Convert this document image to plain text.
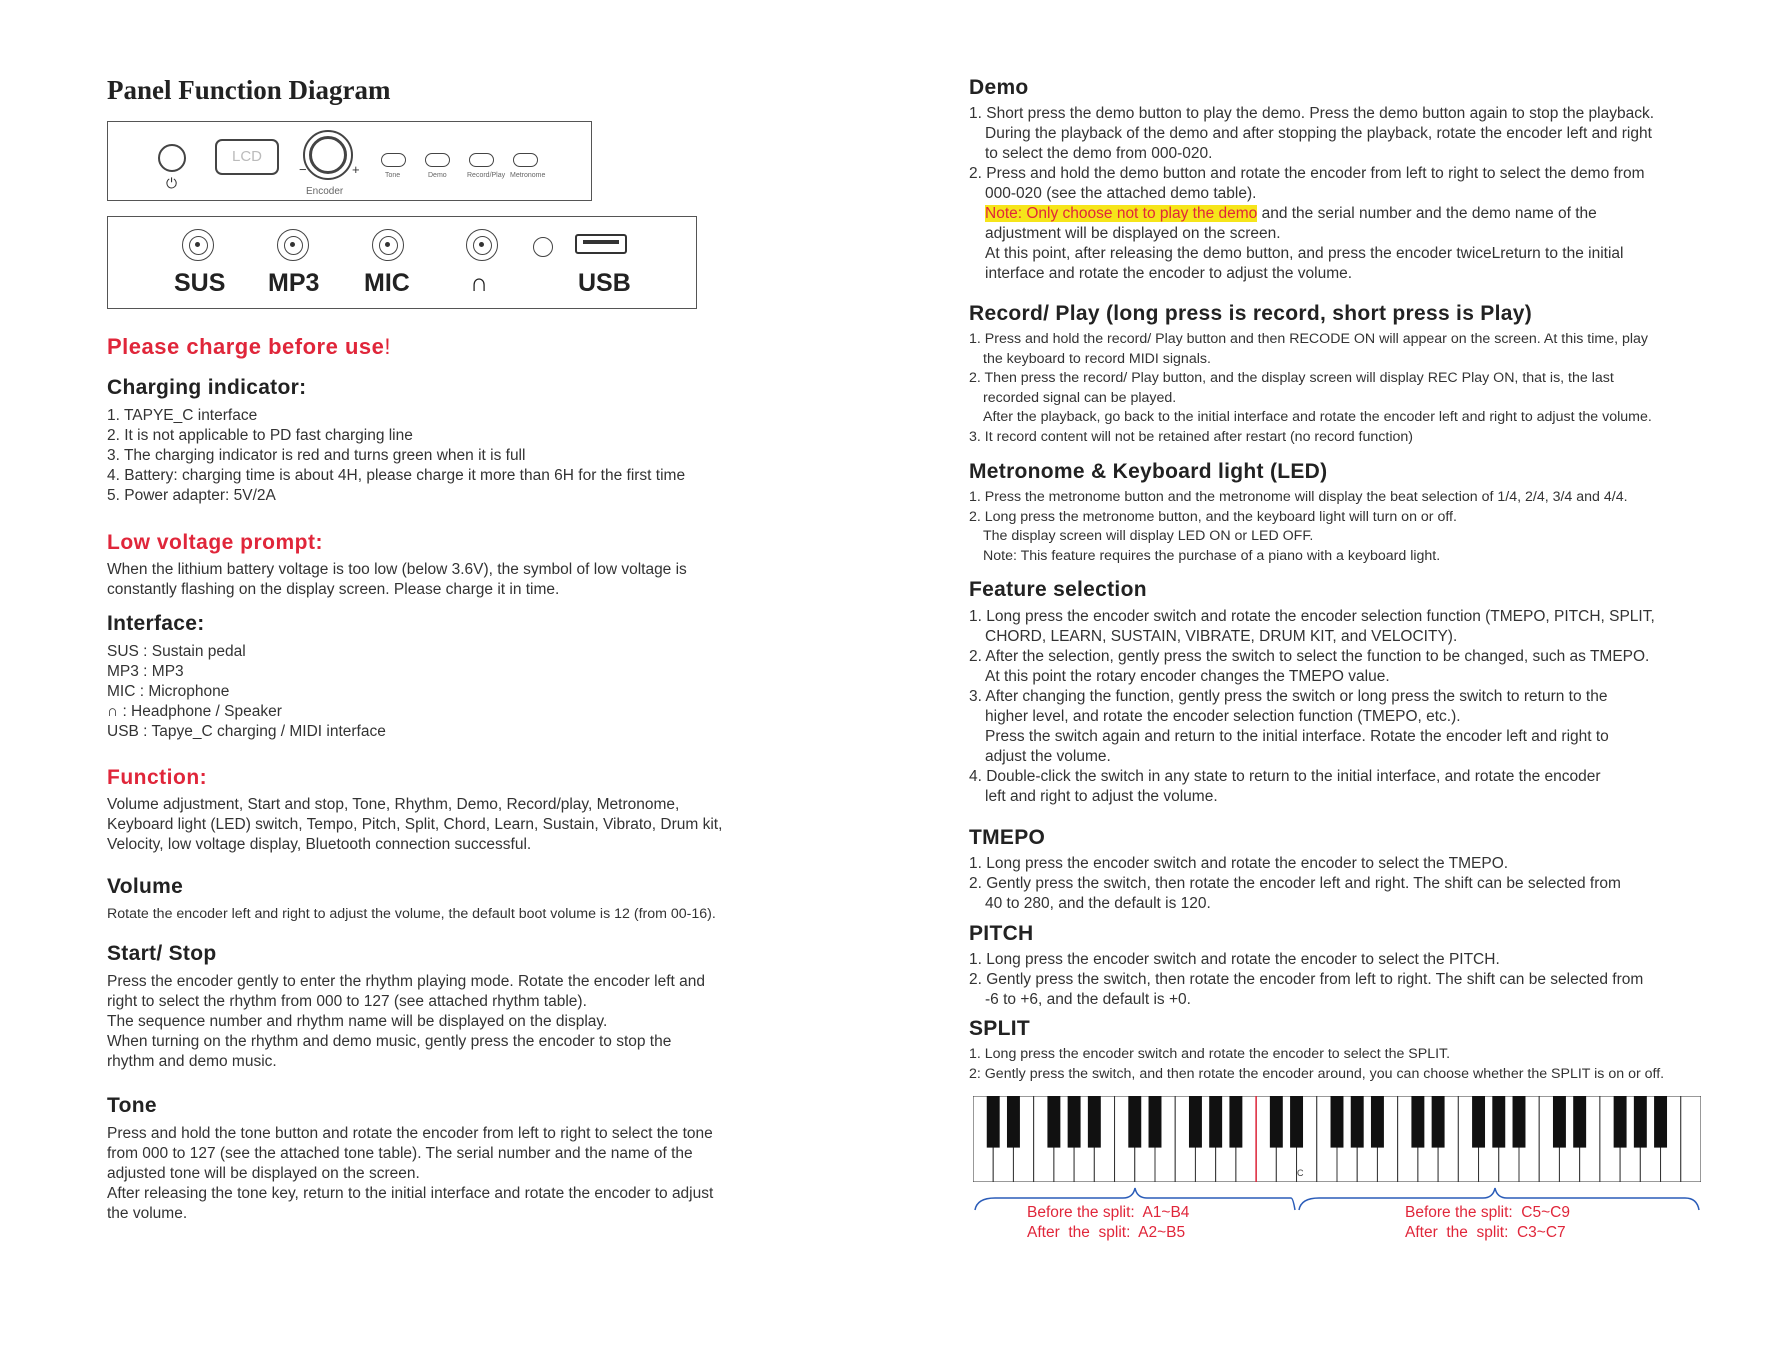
Panel Function Diagram
⏻
LCD
−	+
Encoder
Tone	Demo	Record/Play Metronome
SUS MP3 MIC ∩	USB
Please charge before use!
Charging indicator:
1. TAPYE_C interface
2. It is not applicable to PD fast charging line
3. The charging indicator is red and turns green when it is full
4. Battery: charging time is about 4H, please charge it more than 6H for the first time
5. Power adapter: 5V/2A
Low voltage prompt:
When the lithium battery voltage is too low (below 3.6V), the symbol of low voltage is
constantly flashing on the display screen. Please charge it in time.
Interface:
SUS : Sustain pedal
MP3 : MP3
MIC : Microphone
∩ : Headphone / Speaker
USB : Tapye_C charging / MIDI interface
Function:
Volume adjustment, Start and stop, Tone, Rhythm, Demo, Record/play, Metronome,
Keyboard light (LED) switch, Tempo, Pitch, Split, Chord, Learn, Sustain, Vibrato, Drum kit,
Velocity, low voltage display, Bluetooth connection successful.
Volume
Rotate the encoder left and right to adjust the volume, the default boot volume is 12 (from 00-16).
Start/ Stop
Press the encoder gently to enter the rhythm playing mode. Rotate the encoder left and
right to select the rhythm from 000 to 127 (see attached rhythm table).
The sequence number and rhythm name will be displayed on the display.
When turning on the rhythm and demo music, gently press the encoder to stop the
rhythm and demo music.
Tone
Press and hold the tone button and rotate the encoder from left to right to select the tone
from 000 to 127 (see the attached tone table). The serial number and the name of the
adjusted tone will be displayed on the screen.
After releasing the tone key, return to the initial interface and rotate the encoder to adjust
the volume.
Demo
1. Short press the demo button to play the demo. Press the demo button again to stop the playback.
During the playback of the demo and after stopping the playback, rotate the encoder left and right
to select the demo from 000-020.
2. Press and hold the demo button and rotate the encoder from left to right to select the demo from
000-020 (see the attached demo table).
Note: Only choose not to play the demo and the serial number and the demo name of the
adjustment will be displayed on the screen.
At this point, after releasing the demo button, and press the encoder twiceLreturn to the initial
interface and rotate the encoder to adjust the volume.
Record/ Play (long press is record, short press is Play)
1. Press and hold the record/ Play button and then RECODE ON will appear on the screen. At this time, play
the keyboard to record MIDI signals.
2. Then press the record/ Play button, and the display screen will display REC Play ON, that is, the last
recorded signal can be played.
After the playback, go back to the initial interface and rotate the encoder left and right to adjust the volume.
3. It record content will not be retained after restart (no record function)
Metronome & Keyboard light (LED)
1. Press the metronome button and the metronome will display the beat selection of 1/4, 2/4, 3/4 and 4/4.
2. Long press the metronome button, and the keyboard light will turn on or off.
The display screen will display LED ON or LED OFF.
Note: This feature requires the purchase of a piano with a keyboard light.
Feature selection
1. Long press the encoder switch and rotate the encoder selection function (TMEPO, PITCH, SPLIT,
CHORD, LEARN, SUSTAIN, VIBRATE, DRUM KIT, and VELOCITY).
2. After the selection, gently press the switch to select the function to be changed, such as TMEPO.
At this point the rotary encoder changes the TMEPO value.
3. After changing the function, gently press the switch or long press the switch to return to the
higher level, and rotate the encoder selection function (TMEPO, etc.).
Press the switch again and return to the initial interface. Rotate the encoder left and right to
adjust the volume.
4. Double-click the switch in any state to return to the initial interface, and rotate the encoder
left and right to adjust the volume.
TMEPO
1. Long press the encoder switch and rotate the encoder to select the TMEPO.
2. Gently press the switch, then rotate the encoder left and right. The shift can be selected from
40 to 280, and the default is 120.
PITCH
1. Long press the encoder switch and rotate the encoder to select the PITCH.
2. Gently press the switch, then rotate the encoder from left to right. The shift can be selected from
-6 to +6, and the default is +0.
SPLIT
1. Long press the encoder switch and rotate the encoder to select the SPLIT.
2: Gently press the switch, and then rotate the encoder around, you can choose whether the SPLIT is on or off.
C
Before the split:  A1~B4
After  the  split:  A2~B5
Before the split:  C5~C9
After  the  split:  C3~C7
